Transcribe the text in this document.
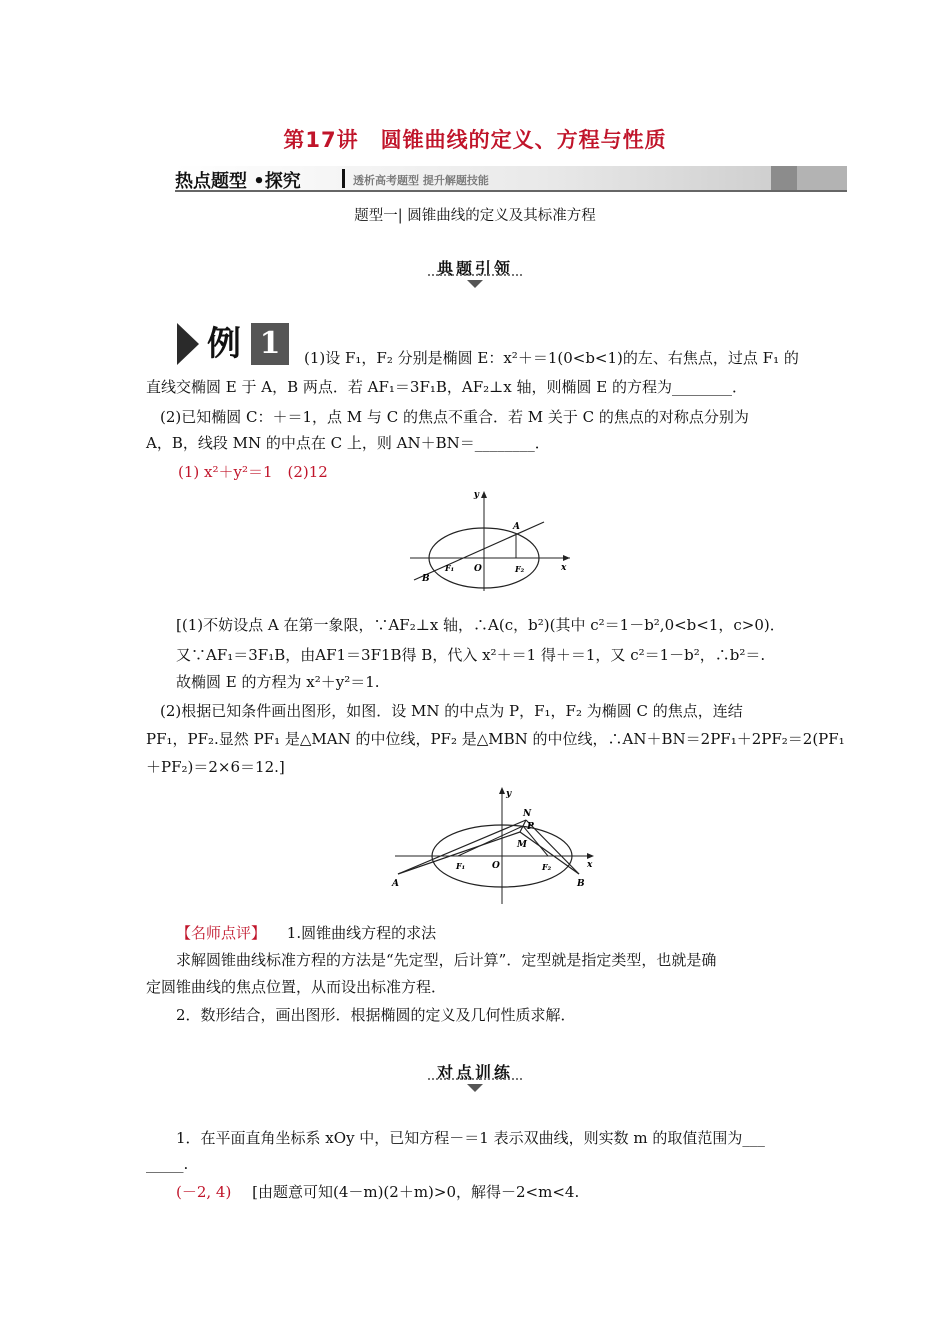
第17讲　圆锥曲线的定义、方程与性质
热点题型 •探究	透析高考题型 提升解题技能
题型一| 圆锥曲线的定义及其标准方程
典题引领
例 1	(1)设 F₁，F₂ 分别是椭圆 E：x²＋＝1(0<b<1)的左、右焦点，过点 F₁ 的
直线交椭圆 E 于 A，B 两点．若 AF₁＝3F₁B，AF₂⊥x 轴，则椭圆 E 的方程为________．
(2)已知椭圆 C：＋＝1，点 M 与 C 的焦点不重合．若 M 关于 C 的焦点的对称点分别为
A，B，线段 MN 的中点在 C 上，则 AN＋BN＝________．
(1) x²＋y²＝1　(2)12
y
x
O
A
B
F₁	F₂
[(1)不妨设点 A 在第一象限，∵AF₂⊥x 轴，∴A(c，b²)(其中 c²＝1－b²,0<b<1，c>0)．
又∵AF₁＝3F₁B，由AF1＝3F1B得 B，代入 x²＋＝1 得＋＝1，又 c²＝1－b²，∴b²＝.
故椭圆 E 的方程为 x²＋y²＝1.
(2)根据已知条件画出图形，如图．设 MN 的中点为 P，F₁，F₂ 为椭圆 C 的焦点，连结
PF₁，PF₂.显然 PF₁ 是△MAN 的中位线，PF₂ 是△MBN 的中位线，∴AN＋BN＝2PF₁＋2PF₂＝2(PF₁
＋PF₂)＝2×6＝12.]
y
x
O
N
P
M
F₁	F₂
A	B
【名师点评】 1.圆锥曲线方程的求法
求解圆锥曲线标准方程的方法是“先定型，后计算”．定型就是指定类型，也就是确
定圆锥曲线的焦点位置，从而设出标准方程．
2．数形结合，画出图形．根据椭圆的定义及几何性质求解．
对点训练
1．在平面直角坐标系 xOy 中，已知方程－＝1 表示双曲线，则实数 m 的取值范围为___
_____.
(－2, 4) [由题意可知(4－m)(2＋m)>0，解得－2<m<4.
